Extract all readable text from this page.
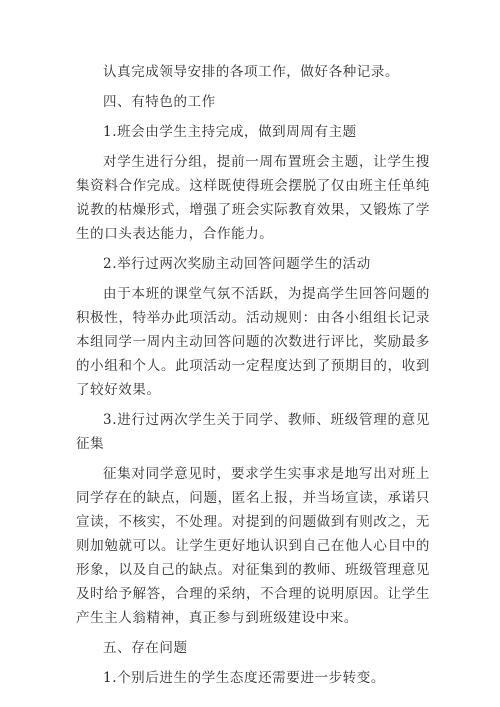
认真完成领导安排的各项工作，做好各种记录。

四、有特色的工作

1.班会由学生主持完成，做到周周有主题

对学生进行分组，提前一周布置班会主题，让学生搜集资料合作完成。这样既使得班会摆脱了仅由班主任单纯说教的枯燥形式，增强了班会实际教育效果，又锻炼了学生的口头表达能力，合作能力。

2.举行过两次奖励主动回答问题学生的活动

由于本班的课堂气氛不活跃，为提高学生回答问题的积极性，特举办此项活动。活动规则：由各小组组长记录本组同学一周内主动回答问题的次数进行评比，奖励最多的小组和个人。此项活动一定程度达到了预期目的，收到了较好效果。

3.进行过两次学生关于同学、教师、班级管理的意见征集

征集对同学意见时，要求学生实事求是地写出对班上同学存在的缺点，问题，匿名上报，并当场宣读，承诺只宣读，不核实，不处理。对提到的问题做到有则改之，无则加勉就可以。让学生更好地认识到自己在他人心目中的形象，以及自己的缺点。对征集到的教师、班级管理意见及时给予解答，合理的采纳，不合理的说明原因。让学生产生主人翁精神，真正参与到班级建设中来。

五、存在问题

1.个别后进生的学生态度还需要进一步转变。
